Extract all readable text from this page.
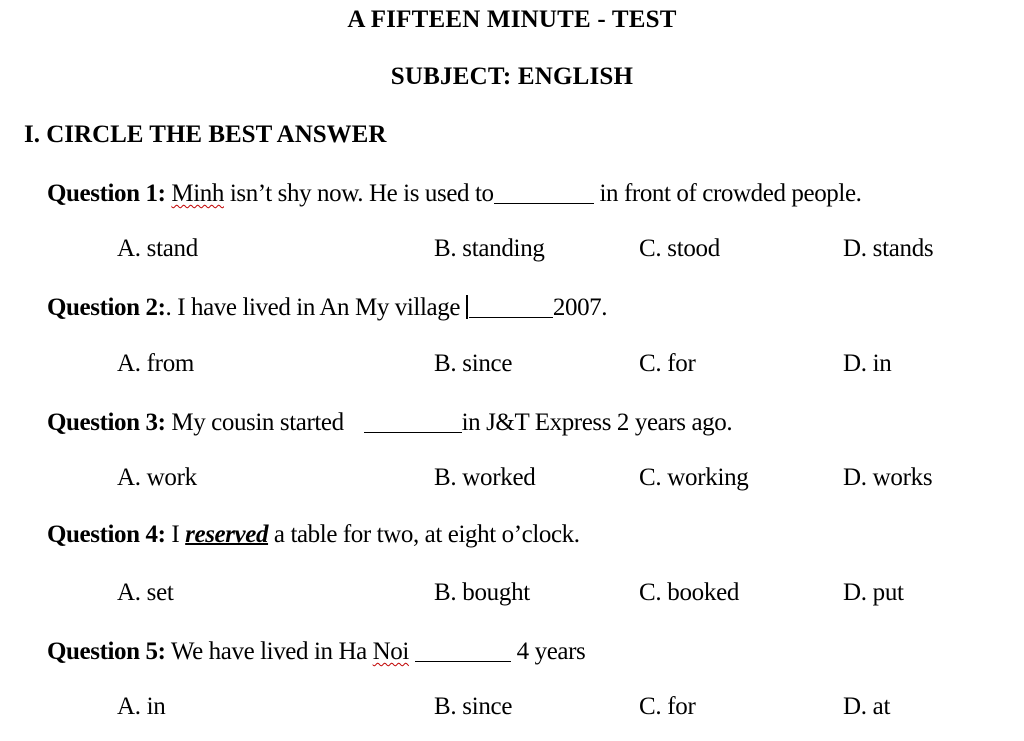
A FIFTEEN MINUTE - TEST
SUBJECT: ENGLISH
I. CIRCLE THE BEST ANSWER
Question 1: Minh isn’t shy now. He is used to	in front of crowded people.
A. stand	B. standing	C. stood	D. stands
Question 2:. I have lived in An My village	2007.
A. from	B. since	C. for	D. in
Question 3: My cousin started	in J&T Express 2 years ago.
A. work	B. worked	C. working	D. works
Question 4: I reserved a table for two, at eight o’clock.
A. set	B. bought	C. booked	D. put
Question 5: We have lived in Ha Noi	4 years
A. in	B. since	C. for	D. at
